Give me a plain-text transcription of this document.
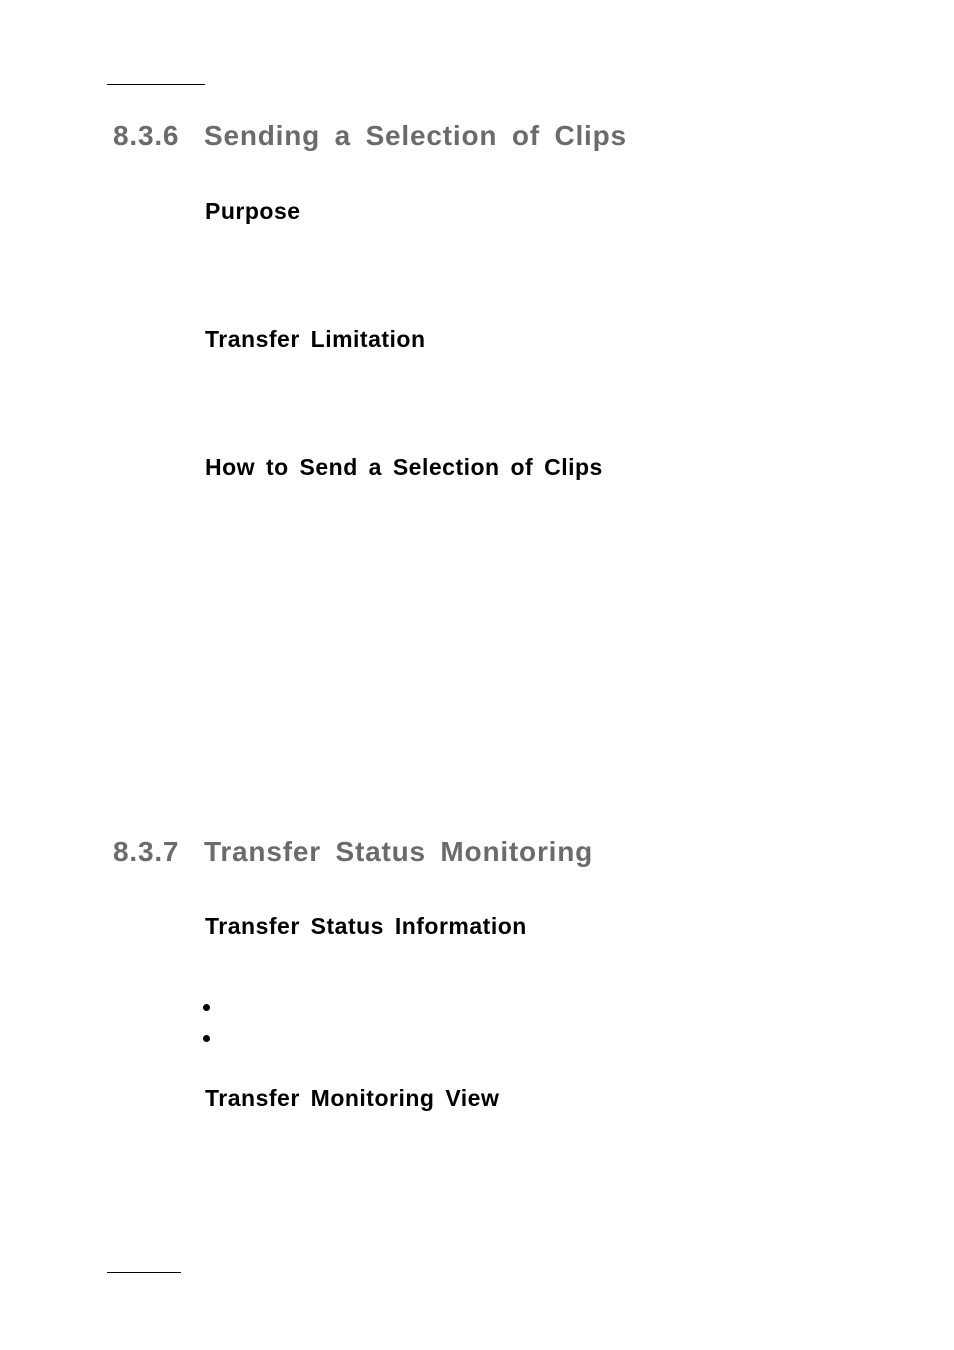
8.3.6 Sending a Selection of Clips
Purpose
Transfer Limitation
How to Send a Selection of Clips
8.3.7 Transfer Status Monitoring
Transfer Status Information
Transfer Monitoring View
